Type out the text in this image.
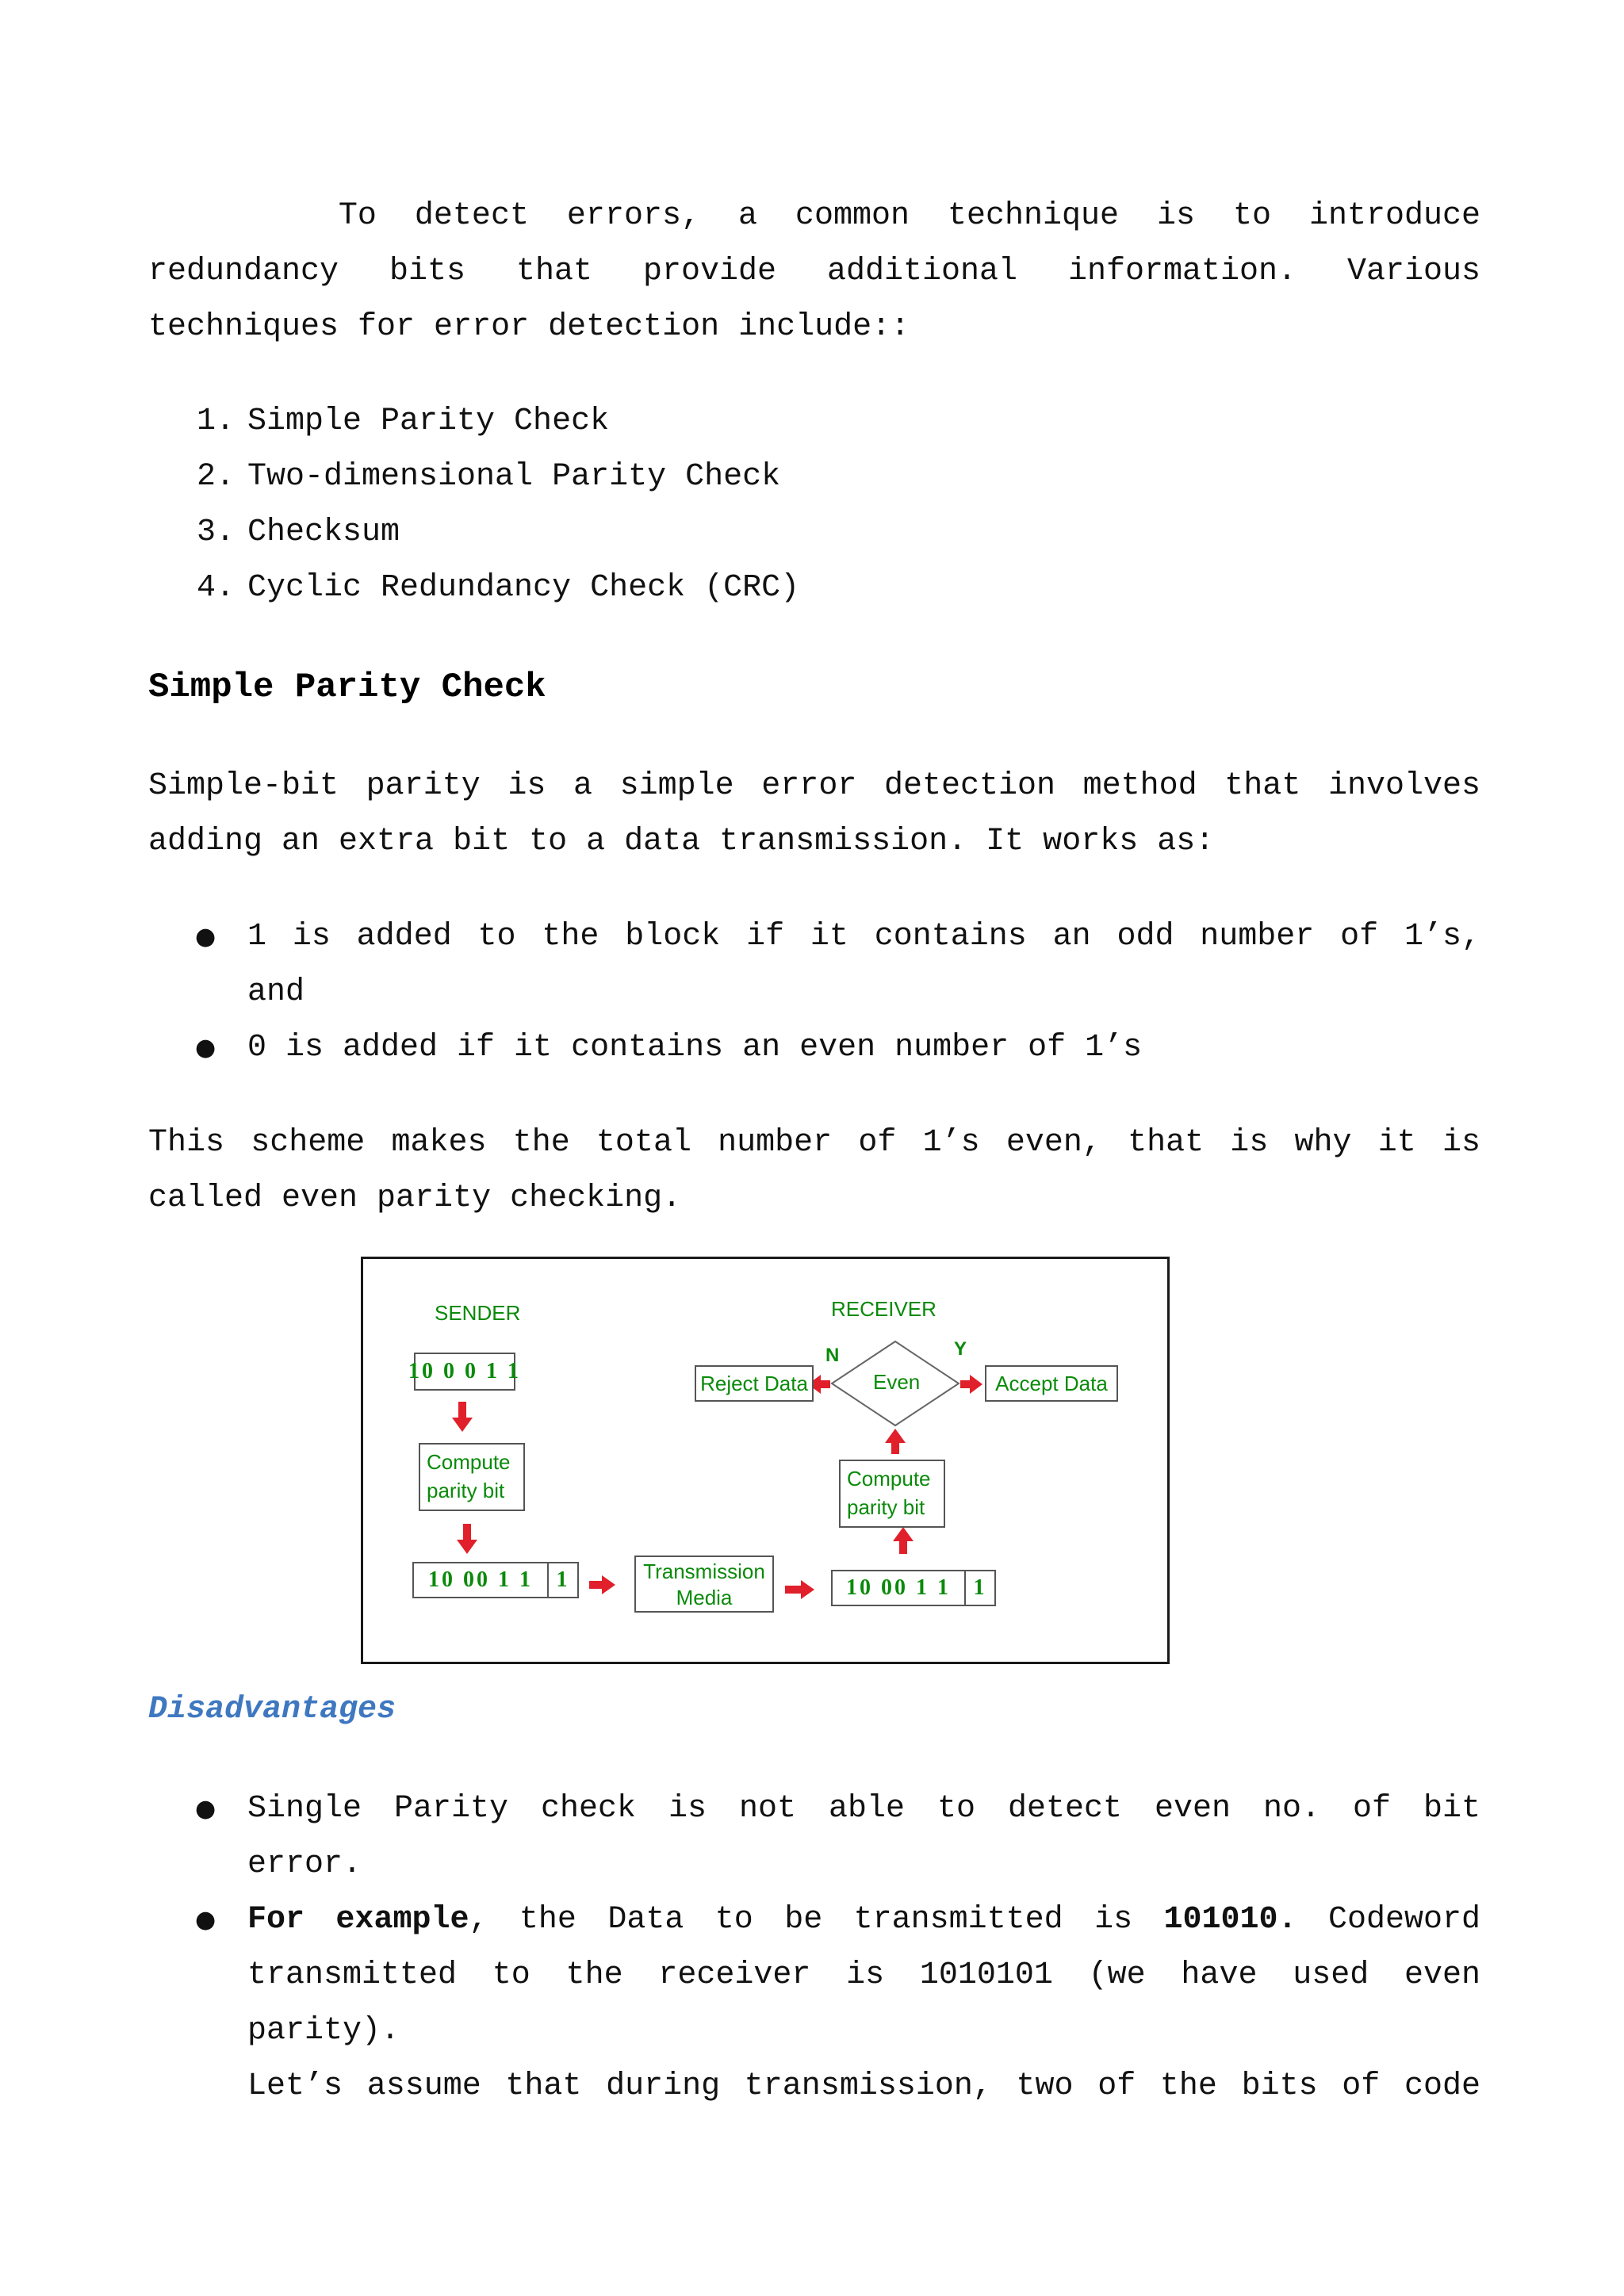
To detect errors, a common technique is to introduce
redundancy bits that provide additional information. Various
techniques for error detection include::
1. Simple Parity Check
2. Two-dimensional Parity Check
3. Checksum
4. Cyclic Redundancy Check (CRC)
Simple Parity Check
Simple-bit parity is a simple error detection method that involves
adding an extra bit to a data transmission. It works as:
● 1 is added to the block if it contains an odd number of 1’s,
and
● 0 is added if it contains an even number of 1’s
This scheme makes the total number of 1’s even, that is why it is
called even parity checking.
SENDER	RECEIVER
10 0 0 1 1
Compute
parity bit
10 00 1 1	1	Transmission
Media	10 00 1 1	1
Compute
parity bit
Even
Y
N
Accept Data
Reject Data
Disadvantages
● Single Parity check is not able to detect even no. of bit
error.
● For example, the Data to be transmitted is 101010. Codeword
transmitted to the receiver is 1010101 (we have used even
parity).
Let’s assume that during transmission, two of the bits of code
